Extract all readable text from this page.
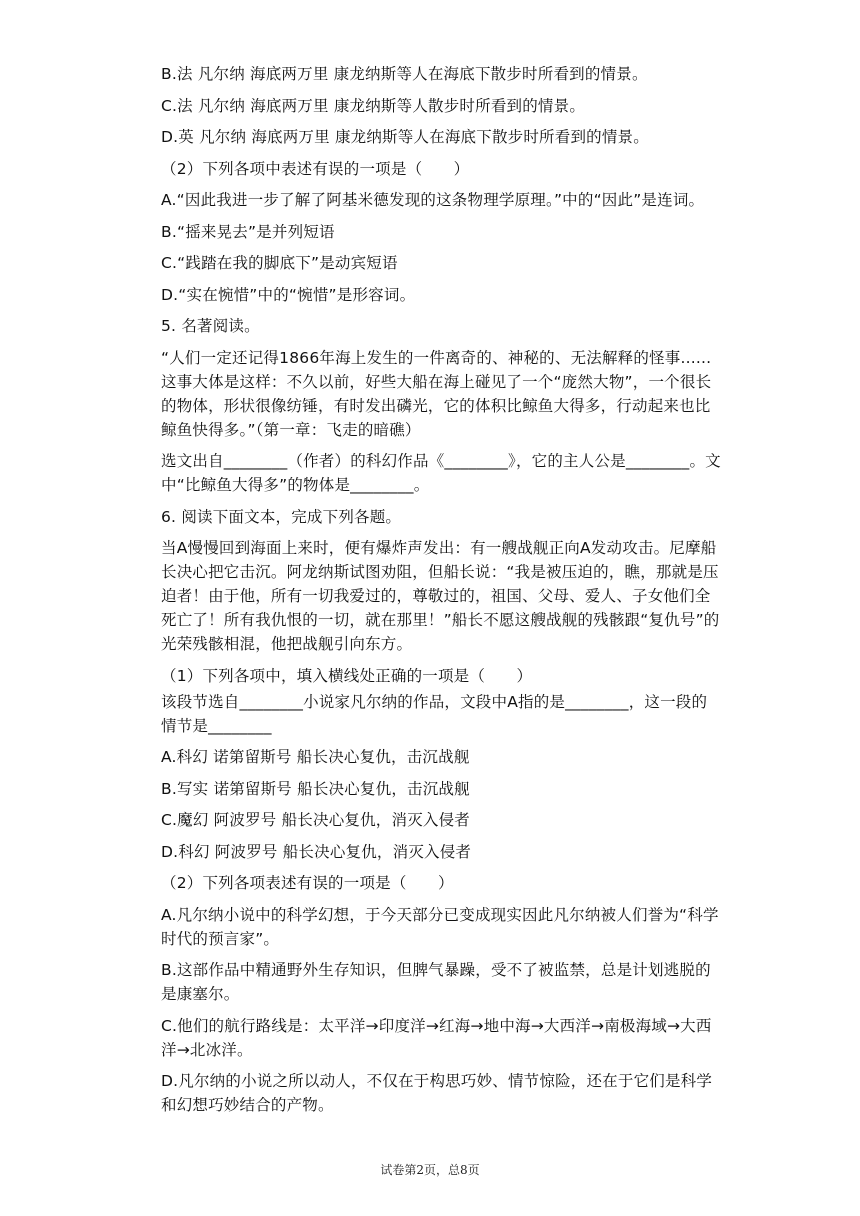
B.法 凡尔纳 海底两万里 康龙纳斯等人在海底下散步时所看到的情景。

C.法 凡尔纳 海底两万里 康龙纳斯等人散步时所看到的情景。

D.英 凡尔纳 海底两万里 康龙纳斯等人在海底下散步时所看到的情景。

（2）下列各项中表述有误的一项是（　　）

A.“因此我进一步了解了阿基米德发现的这条物理学原理。”中的“因此”是连词。

B.“摇来晃去”是并列短语

C.“践踏在我的脚底下”是动宾短语

D.“实在惋惜”中的“惋惜”是形容词。

5. 名著阅读。

“人们一定还记得1866年海上发生的一件离奇的、神秘的、无法解释的怪事......这事大体是这样：不久以前，好些大船在海上碰见了一个“庞然大物”，一个很长的物体，形状很像纺锤，有时发出磷光，它的体积比鲸鱼大得多，行动起来也比鲸鱼快得多。”（第一章：飞走的暗礁）

选文出自________（作者）的科幻作品《________》，它的主人公是________。文中“比鲸鱼大得多”的物体是________。

6. 阅读下面文本，完成下列各题。

当A慢慢回到海面上来时，便有爆炸声发出：有一艘战舰正向A发动攻击。尼摩船长决心把它击沉。阿龙纳斯试图劝阻，但船长说：“我是被压迫的，瞧，那就是压迫者！由于他，所有一切我爱过的，尊敬过的，祖国、父母、爱人、子女他们全死亡了！所有我仇恨的一切，就在那里！”船长不愿这艘战舰的残骸跟“复仇号”的光荣残骸相混，他把战舰引向东方。

（1）下列各项中，填入横线处正确的一项是（　　）

该段节选自________小说家凡尔纳的作品，文段中A指的是________，这一段的情节是________

A.科幻 诺第留斯号 船长决心复仇，击沉战舰

B.写实 诺第留斯号 船长决心复仇，击沉战舰

C.魔幻 阿波罗号 船长决心复仇，消灭入侵者

D.科幻 阿波罗号 船长决心复仇，消灭入侵者

（2）下列各项表述有误的一项是（　　）

A.凡尔纳小说中的科学幻想，于今天部分已变成现实因此凡尔纳被人们誉为“科学时代的预言家”。

B.这部作品中精通野外生存知识，但脾气暴躁，受不了被监禁，总是计划逃脱的是康塞尔。

C.他们的航行路线是：太平洋→印度洋→红海→地中海→大西洋→南极海域→大西洋→北冰洋。

D.凡尔纳的小说之所以动人，不仅在于构思巧妙、情节惊险，还在于它们是科学和幻想巧妙结合的产物。

试卷第2页，总8页
